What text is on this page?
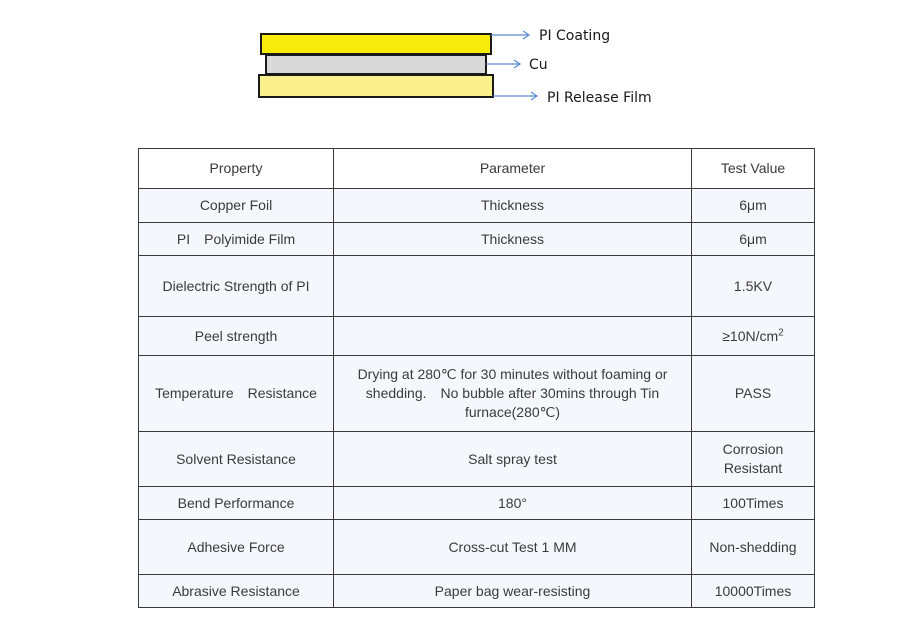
PI Coating
Cu
PI Release Film
Property	Parameter	Test Value
Copper Foil	Thickness	6μm
PI　Polyimide Film	Thickness	6μm
Dielectric Strength of PI		1.5KV
Peel strength		$\ge 10N/cm^2$
Temperature　Resistance	Drying at 280℃ for 30 minutes without foaming or shedding.　No bubble after 30mins through Tin furnace(280℃)	PASS
Solvent Resistance	Salt spray test	Corrosion Resistant
Bend Performance	180°	100Times
Adhesive Force	Cross-cut Test 1 MM	Non-shedding
Abrasive Resistance	Paper bag wear-resisting	10000Times
